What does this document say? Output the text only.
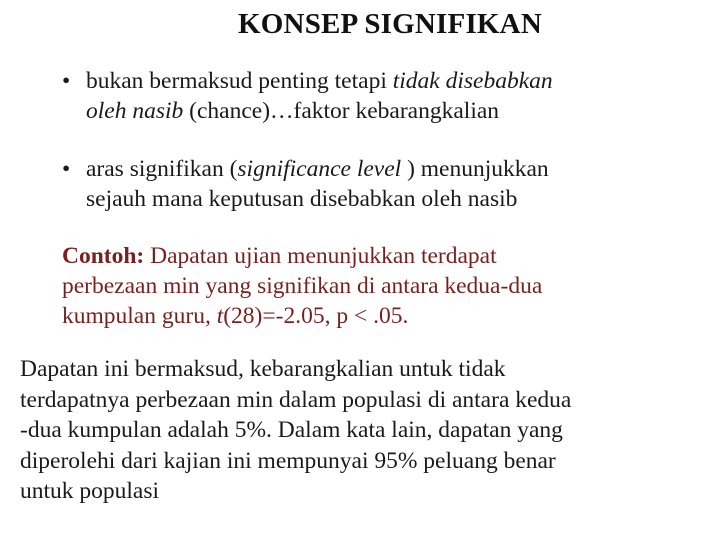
KONSEP SIGNIFIKAN
• bukan bermaksud penting tetapi tidak disebabkan
oleh nasib (chance)…faktor kebarangkalian
• aras signifikan (significance level ) menunjukkan
sejauh mana keputusan disebabkan oleh nasib
Contoh: Dapatan ujian menunjukkan terdapat
perbezaan min yang signifikan di antara kedua-dua
kumpulan guru, t(28)=-2.05, p < .05.
Dapatan ini bermaksud, kebarangkalian untuk tidak
terdapatnya perbezaan min dalam populasi di antara kedua
-dua kumpulan adalah 5%. Dalam kata lain, dapatan yang
diperolehi dari kajian ini mempunyai 95% peluang benar
untuk populasi
